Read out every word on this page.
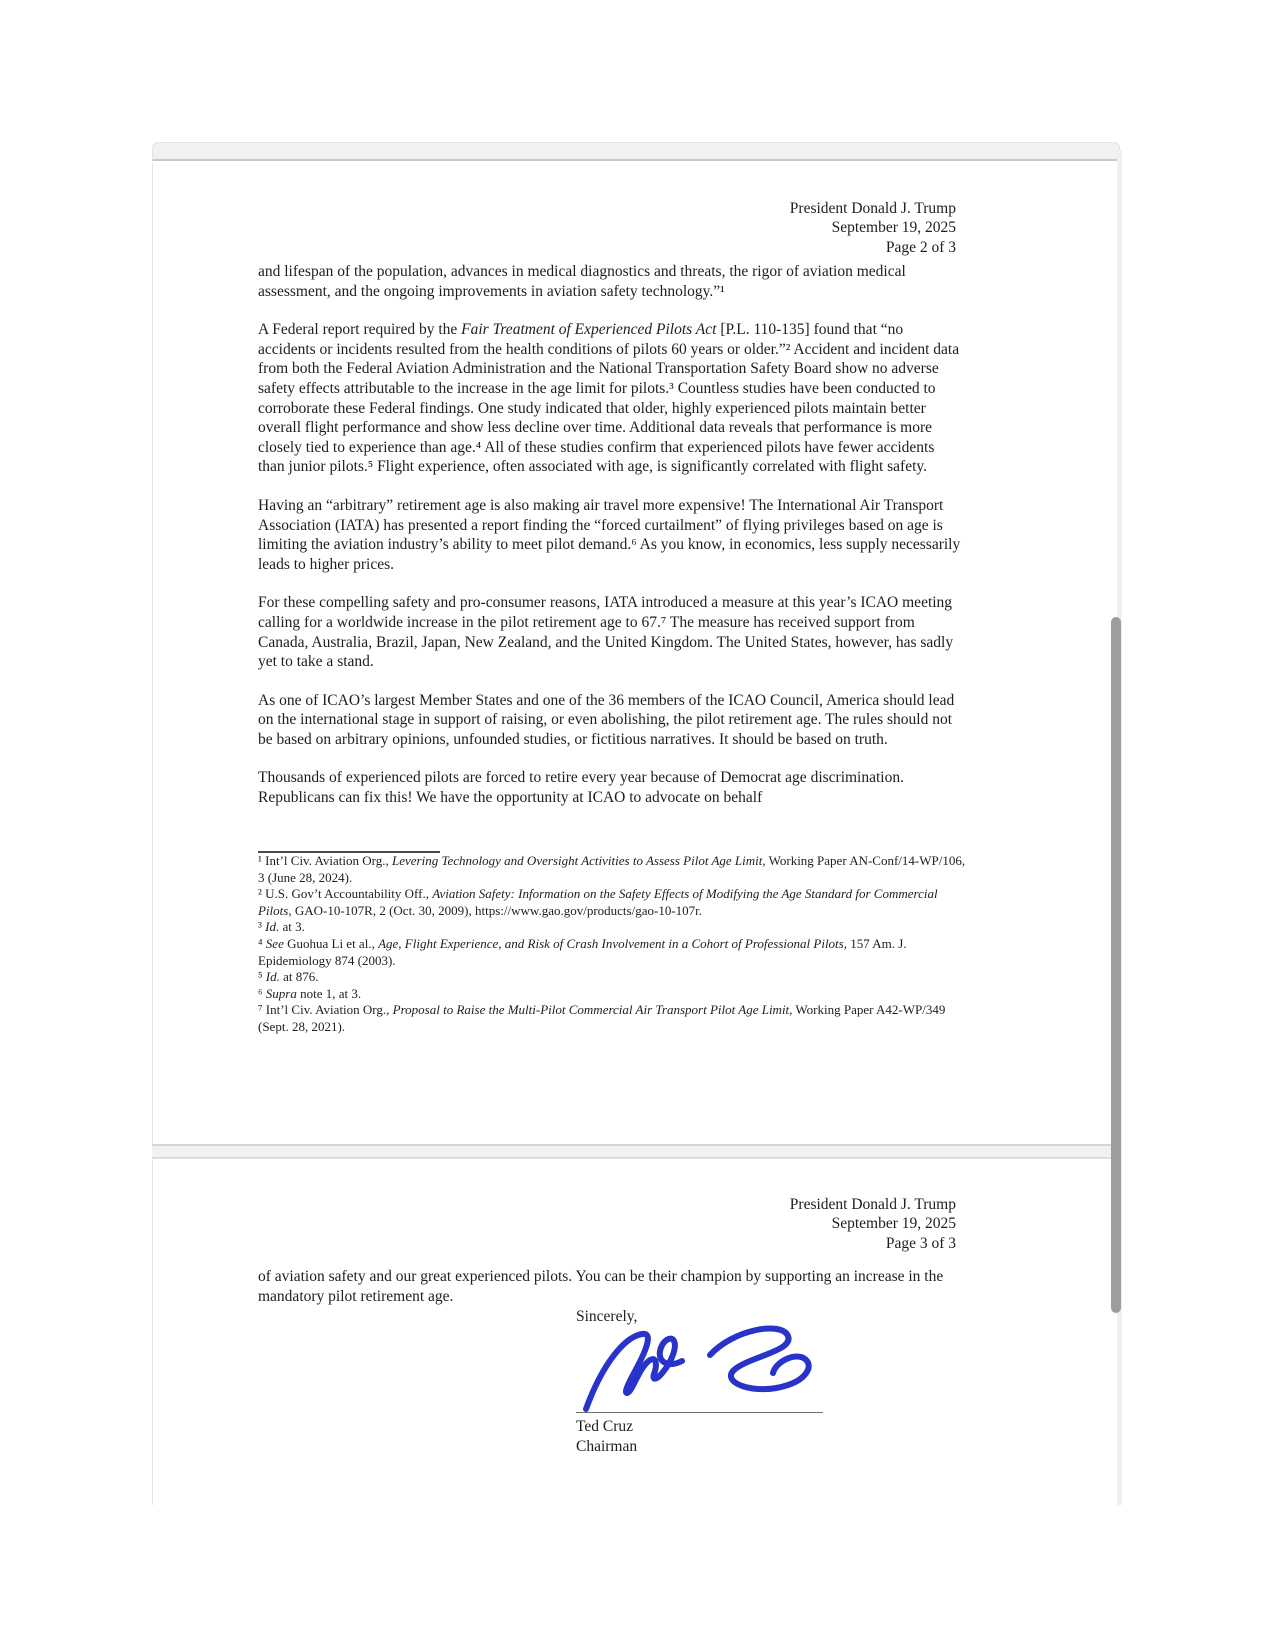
President Donald J. Trump
September 19, 2025
Page 2 of 3

and lifespan of the population, advances in medical diagnostics and threats, the rigor of aviation medical assessment, and the ongoing improvements in aviation safety technology.”¹

A Federal report required by the Fair Treatment of Experienced Pilots Act [P.L. 110-135] found that “no accidents or incidents resulted from the health conditions of pilots 60 years or older.”² Accident and incident data from both the Federal Aviation Administration and the National Transportation Safety Board show no adverse safety effects attributable to the increase in the age limit for pilots.³ Countless studies have been conducted to corroborate these Federal findings. One study indicated that older, highly experienced pilots maintain better overall flight performance and show less decline over time. Additional data reveals that performance is more closely tied to experience than age.⁴ All of these studies confirm that experienced pilots have fewer accidents than junior pilots.⁵ Flight experience, often associated with age, is significantly correlated with flight safety.

Having an “arbitrary” retirement age is also making air travel more expensive! The International Air Transport Association (IATA) has presented a report finding the “forced curtailment” of flying privileges based on age is limiting the aviation industry’s ability to meet pilot demand.⁶ As you know, in economics, less supply necessarily leads to higher prices.

For these compelling safety and pro-consumer reasons, IATA introduced a measure at this year’s ICAO meeting calling for a worldwide increase in the pilot retirement age to 67.⁷ The measure has received support from Canada, Australia, Brazil, Japan, New Zealand, and the United Kingdom. The United States, however, has sadly yet to take a stand.

As one of ICAO’s largest Member States and one of the 36 members of the ICAO Council, America should lead on the international stage in support of raising, or even abolishing, the pilot retirement age. The rules should not be based on arbitrary opinions, unfounded studies, or fictitious narratives. It should be based on truth.

Thousands of experienced pilots are forced to retire every year because of Democrat age discrimination. Republicans can fix this! We have the opportunity at ICAO to advocate on behalf

¹ Int’l Civ. Aviation Org., Levering Technology and Oversight Activities to Assess Pilot Age Limit, Working Paper AN-Conf/14-WP/106, 3 (June 28, 2024).
² U.S. Gov’t Accountability Off., Aviation Safety: Information on the Safety Effects of Modifying the Age Standard for Commercial Pilots, GAO-10-107R, 2 (Oct. 30, 2009), https://www.gao.gov/products/gao-10-107r.
³ Id. at 3.
⁴ See Guohua Li et al., Age, Flight Experience, and Risk of Crash Involvement in a Cohort of Professional Pilots, 157 Am. J. Epidemiology 874 (2003).
⁵ Id. at 876.
⁶ Supra note 1, at 3.
⁷ Int’l Civ. Aviation Org., Proposal to Raise the Multi-Pilot Commercial Air Transport Pilot Age Limit, Working Paper A42-WP/349 (Sept. 28, 2021).
President Donald J. Trump
September 19, 2025
Page 3 of 3

of aviation safety and our great experienced pilots. You can be their champion by supporting an increase in the mandatory pilot retirement age.

Sincerely,
Ted Cruz
Chairman
